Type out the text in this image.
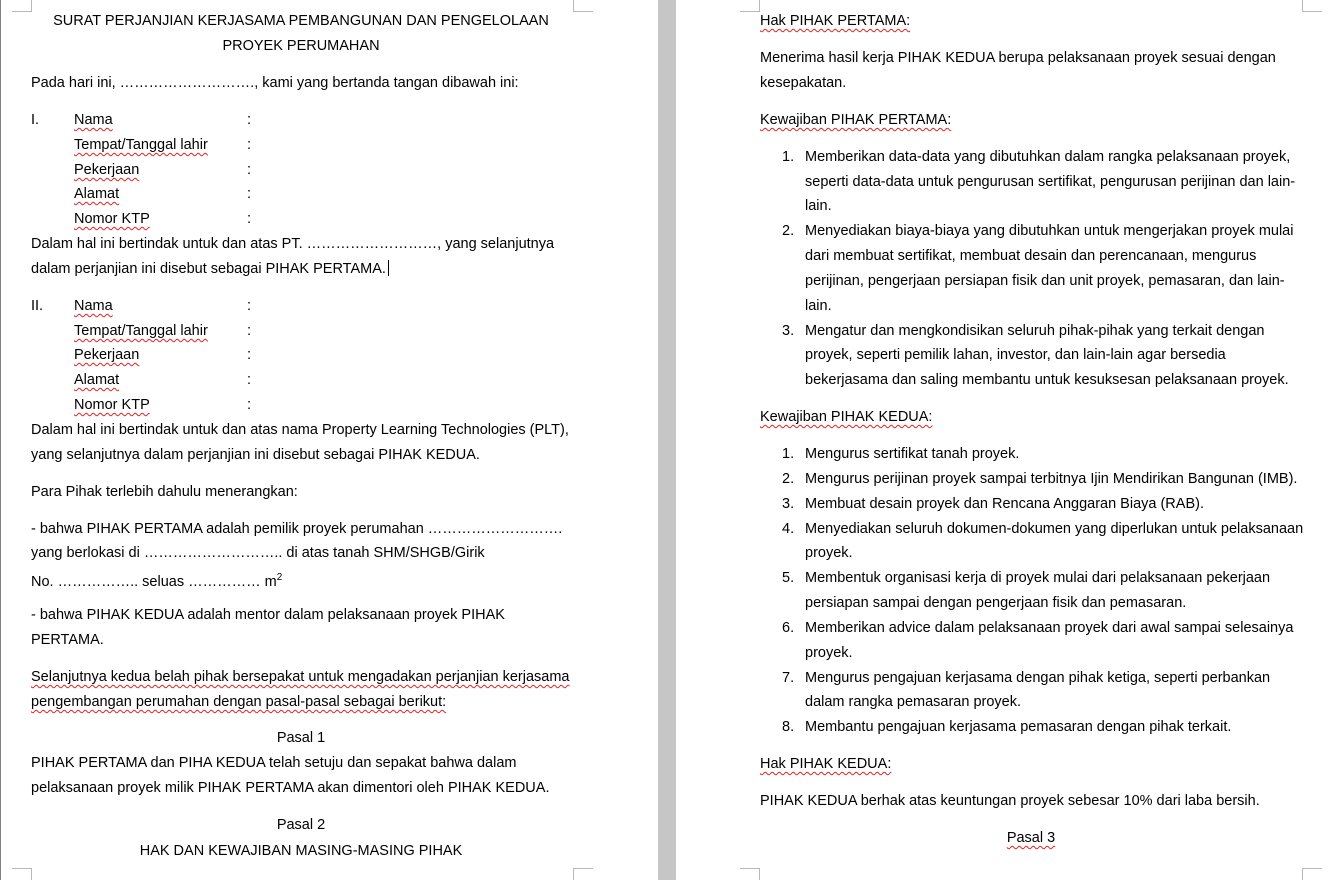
SURAT PERJANJIAN KERJASAMA PEMBANGUNAN DAN PENGELOLAAN
PROYEK PERUMAHAN
Pada hari ini, ………………………., kami yang bertanda tangan dibawah ini:
I. Nama
Tempat/Tanggal lahir
Pekerjaan
Alamat
Nomor KTP
:
:
:
:
:
Dalam hal ini bertindak untuk dan atas PT. ………………………, yang selanjutnya
dalam perjanjian ini disebut sebagai PIHAK PERTAMA.
II. Nama
Tempat/Tanggal lahir
Pekerjaan
Alamat
Nomor KTP
:
:
:
:
:
Dalam hal ini bertindak untuk dan atas nama Property Learning Technologies (PLT),
yang selanjutnya dalam perjanjian ini disebut sebagai PIHAK KEDUA.
Para Pihak terlebih dahulu menerangkan:
- bahwa PIHAK PERTAMA adalah pemilik proyek perumahan ……………………….
yang berlokasi di ……………………….. di atas tanah SHM/SHGB/Girik
No. …………….. seluas …………… $m^2$
- bahwa PIHAK KEDUA adalah mentor dalam pelaksanaan proyek PIHAK
PERTAMA.
Selanjutnya kedua belah pihak bersepakat untuk mengadakan perjanjian kerjasama
pengembangan perumahan dengan pasal-pasal sebagai berikut:
Pasal 1
PIHAK PERTAMA dan PIHA KEDUA telah setuju dan sepakat bahwa dalam
pelaksanaan proyek milik PIHAK PERTAMA akan dimentori oleh PIHAK KEDUA.
Pasal 2
HAK DAN KEWAJIBAN MASING-MASING PIHAK
Hak PIHAK PERTAMA:
Menerima hasil kerja PIHAK KEDUA berupa pelaksanaan proyek sesuai dengan
kesepakatan.
Kewajiban PIHAK PERTAMA:
1. Memberikan data-data yang dibutuhkan dalam rangka pelaksanaan proyek,
seperti data-data untuk pengurusan sertifikat, pengurusan perijinan dan lain-
lain.
2. Menyediakan biaya-biaya yang dibutuhkan untuk mengerjakan proyek mulai
dari membuat sertifikat, membuat desain dan perencanaan, mengurus
perijinan, pengerjaan persiapan fisik dan unit proyek, pemasaran, dan lain-
lain.
3. Mengatur dan mengkondisikan seluruh pihak-pihak yang terkait dengan
proyek, seperti pemilik lahan, investor, dan lain-lain agar bersedia
bekerjasama dan saling membantu untuk kesuksesan pelaksanaan proyek.
Kewajiban PIHAK KEDUA:
1. Mengurus sertifikat tanah proyek.
2. Mengurus perijinan proyek sampai terbitnya Ijin Mendirikan Bangunan (IMB).
3. Membuat desain proyek dan Rencana Anggaran Biaya (RAB).
4. Menyediakan seluruh dokumen-dokumen yang diperlukan untuk pelaksanaan
proyek.
5. Membentuk organisasi kerja di proyek mulai dari pelaksanaan pekerjaan
persiapan sampai dengan pengerjaan fisik dan pemasaran.
6. Memberikan advice dalam pelaksanaan proyek dari awal sampai selesainya
proyek.
7. Mengurus pengajuan kerjasama dengan pihak ketiga, seperti perbankan
dalam rangka pemasaran proyek.
8. Membantu pengajuan kerjasama pemasaran dengan pihak terkait.
Hak PIHAK KEDUA:
PIHAK KEDUA berhak atas keuntungan proyek sebesar 10% dari laba bersih.
Pasal 3
